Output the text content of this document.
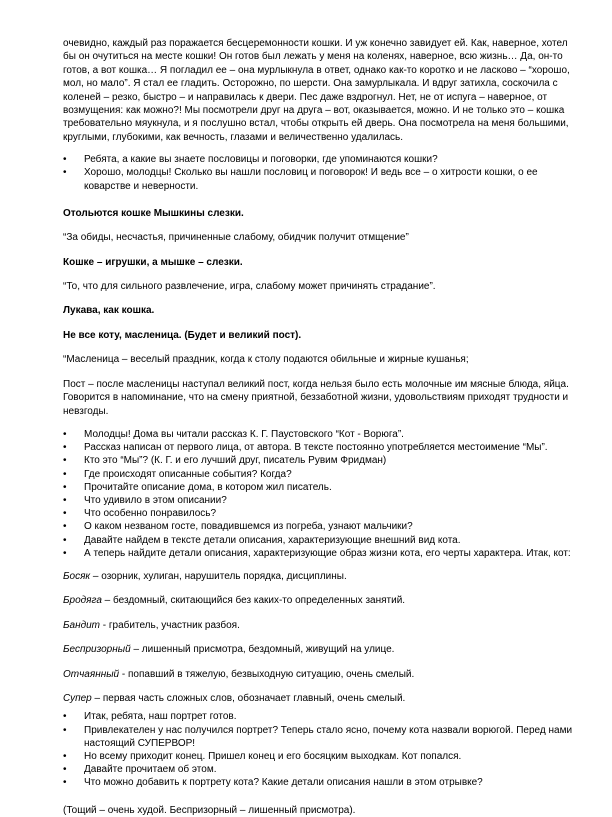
очевидно, каждый раз поражается бесцеремонности кошки. И уж конечно завидует ей. Как, наверное, хотел бы он очутиться на месте кошки! Он готов был лежать у меня на коленях, наверное, всю жизнь… Да, он-то готов, а вот кошка… Я погладил ее – она мурлыкнула в ответ, однако как-то коротко и не ласково – “хорошо, мол, но мало”. Я стал ее гладить. Осторожно, по шерсти. Она замурлыкала. И вдруг затихла, соскочила с коленей – резко, быстро – и направилась к двери. Пес даже вздрогнул. Нет, не от испуга – наверное, от возмущения: как можно?! Мы посмотрели друг на друга – вот, оказывается, можно. И не только это – кошка требовательно мяукнула, и я послушно встал, чтобы открыть ей дверь. Она посмотрела на меня большими, круглыми, глубокими, как вечность, глазами и величественно удалилась.

• Ребята, а какие вы знаете пословицы и поговорки, где упоминаются кошки?
• Хорошо, молодцы! Сколько вы нашли пословиц и поговорок! И ведь все – о хитрости кошки, о ее коварстве и неверности.

Отольются кошке Мышкины слезки.

“За обиды, несчастья, причиненные слабому, обидчик получит отмщение”

Кошке – игрушки, а мышке – слезки.

“То, что для сильного развлечение, игра, слабому может причинять страдание”.

Лукава, как кошка.

Не все коту, масленица. (Будет и великий пост).

“Масленица – веселый праздник, когда к столу подаются обильные и жирные кушанья;

Пост – после масленицы наступал великий пост, когда нельзя было есть молочные им мясные блюда, яйца. Говорится в напоминание, что на смену приятной, беззаботной жизни, удовольствиям приходят трудности и невзгоды.

• Молодцы! Дома вы читали рассказ К. Г. Паустовского “Кот - Ворюга”.
• Рассказ написан от первого лица, от автора. В тексте постоянно употребляется местоимение “Мы”.
• Кто это “Мы”? (К. Г. и его лучший друг, писатель Рувим Фридман)
• Где происходят описанные события? Когда?
• Прочитайте описание дома, в котором жил писатель.
• Что удивило в этом описании?
• Что особенно понравилось?
• О каком незваном госте, повадившемся из погреба, узнают мальчики?
• Давайте найдем в тексте детали описания, характеризующие внешний вид кота.
• А теперь найдите детали описания, характеризующие образ жизни кота, его черты характера. Итак, кот:

Босяк – озорник, хулиган, нарушитель порядка, дисциплины.

Бродяга – бездомный, скитающийся без каких-то определенных занятий.

Бандит - грабитель, участник разбоя.

Беспризорный – лишенный присмотра, бездомный, живущий на улице.

Отчаянный - попавший в тяжелую, безвыходную ситуацию, очень смелый.

Супер – первая часть сложных слов, обозначает главный, очень смелый.

• Итак, ребята, наш портрет готов.
• Привлекателен у нас получился портрет? Теперь стало ясно, почему кота назвали ворюгой. Перед нами настоящий СУПЕРВОР!
• Но всему приходит конец. Пришел конец и его босяцким выходкам. Кот попался.
• Давайте прочитаем об этом.
• Что можно добавить к портрету кота? Какие детали описания нашли в этом отрывке?

(Тощий – очень худой. Беспризорный – лишенный присмотра).
